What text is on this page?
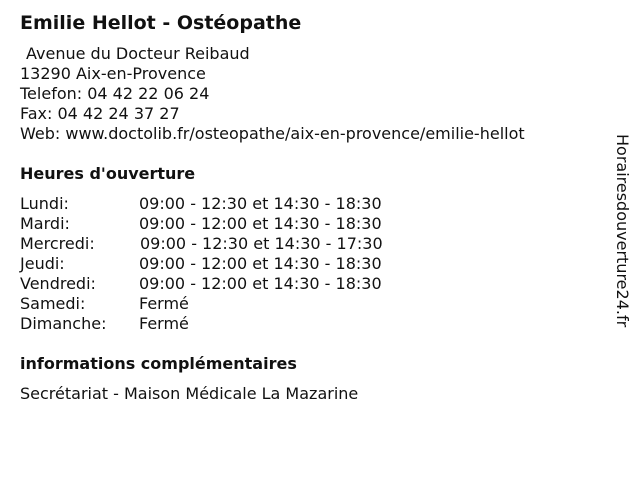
Emilie Hellot - Ostéopathe
Avenue du Docteur Reibaud
13290 Aix-en-Provence
Telefon: 04 42 22 06 24
Fax: 04 42 24 37 27
Web: www.doctolib.fr/osteopathe/aix-en-provence/emilie-hellot
Heures d'ouverture
Lundi:	09:00 - 12:30 et 14:30 - 18:30
Mardi:	09:00 - 12:00 et 14:30 - 18:30
Mercredi:	09:00 - 12:30 et 14:30 - 17:30
Jeudi:	09:00 - 12:00 et 14:30 - 18:30
Vendredi:	09:00 - 12:00 et 14:30 - 18:30
Samedi:	Fermé
Dimanche: Fermé
informations complémentaires
Secrétariat - Maison Médicale La Mazarine
Horairesdouverture24.fr
